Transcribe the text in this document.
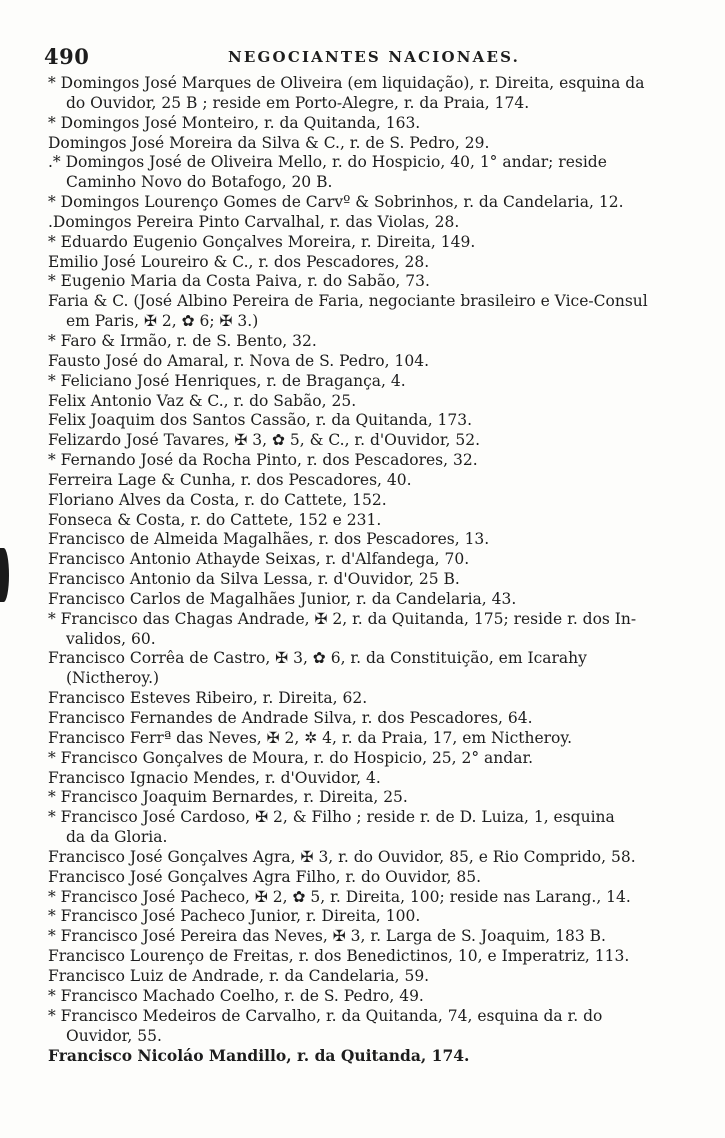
490	NEGOCIANTES NACIONAES.
* Domingos José Marques de Oliveira (em liquidação), r. Direita, esquina da
do Ouvidor, 25 B ; reside em Porto-Alegre, r. da Praia, 174.
* Domingos José Monteiro, r. da Quitanda, 163.
Domingos José Moreira da Silva & C., r. de S. Pedro, 29.
.* Domingos José de Oliveira Mello, r. do Hospicio, 40, 1° andar; reside
Caminho Novo do Botafogo, 20 B.
* Domingos Lourenço Gomes de Carvº & Sobrinhos, r. da Candelaria, 12.
.Domingos Pereira Pinto Carvalhal, r. das Violas, 28.
* Eduardo Eugenio Gonçalves Moreira, r. Direita, 149.
Emilio José Loureiro & C., r. dos Pescadores, 28.
* Eugenio Maria da Costa Paiva, r. do Sabão, 73.
Faria & C. (José Albino Pereira de Faria, negociante brasileiro e Vice-Consul
em Paris, ✠ 2, ✿ 6; ✠ 3.)
* Faro & Irmão, r. de S. Bento, 32.
Fausto José do Amaral, r. Nova de S. Pedro, 104.
* Feliciano José Henriques, r. de Bragança, 4.
Felix Antonio Vaz & C., r. do Sabão, 25.
Felix Joaquim dos Santos Cassão, r. da Quitanda, 173.
Felizardo José Tavares, ✠ 3, ✿ 5, & C., r. d'Ouvidor, 52.
* Fernando José da Rocha Pinto, r. dos Pescadores, 32.
Ferreira Lage & Cunha, r. dos Pescadores, 40.
Floriano Alves da Costa, r. do Cattete, 152.
Fonseca & Costa, r. do Cattete, 152 e 231.
Francisco de Almeida Magalhães, r. dos Pescadores, 13.
Francisco Antonio Athayde Seixas, r. d'Alfandega, 70.
Francisco Antonio da Silva Lessa, r. d'Ouvidor, 25 B.
Francisco Carlos de Magalhães Junior, r. da Candelaria, 43.
* Francisco das Chagas Andrade, ✠ 2, r. da Quitanda, 175; reside r. dos In-
validos, 60.
Francisco Corrêa de Castro, ✠ 3, ✿ 6, r. da Constituição, em Icarahy
(Nictheroy.)
Francisco Esteves Ribeiro, r. Direita, 62.
Francisco Fernandes de Andrade Silva, r. dos Pescadores, 64.
Francisco Ferrª das Neves, ✠ 2, ✲ 4, r. da Praia, 17, em Nictheroy.
* Francisco Gonçalves de Moura, r. do Hospicio, 25, 2° andar.
Francisco Ignacio Mendes, r. d'Ouvidor, 4.
* Francisco Joaquim Bernardes, r. Direita, 25.
* Francisco José Cardoso, ✠ 2, & Filho ; reside r. de D. Luiza, 1, esquina
da da Gloria.
Francisco José Gonçalves Agra, ✠ 3, r. do Ouvidor, 85, e Rio Comprido, 58.
Francisco José Gonçalves Agra Filho, r. do Ouvidor, 85.
* Francisco José Pacheco, ✠ 2, ✿ 5, r. Direita, 100; reside nas Larang., 14.
* Francisco José Pacheco Junior, r. Direita, 100.
* Francisco José Pereira das Neves, ✠ 3, r. Larga de S. Joaquim, 183 B.
Francisco Lourenço de Freitas, r. dos Benedictinos, 10, e Imperatriz, 113.
Francisco Luiz de Andrade, r. da Candelaria, 59.
* Francisco Machado Coelho, r. de S. Pedro, 49.
* Francisco Medeiros de Carvalho, r. da Quitanda, 74, esquina da r. do
Ouvidor, 55.
Francisco Nicoláo Mandillo, r. da Quitanda, 174.
